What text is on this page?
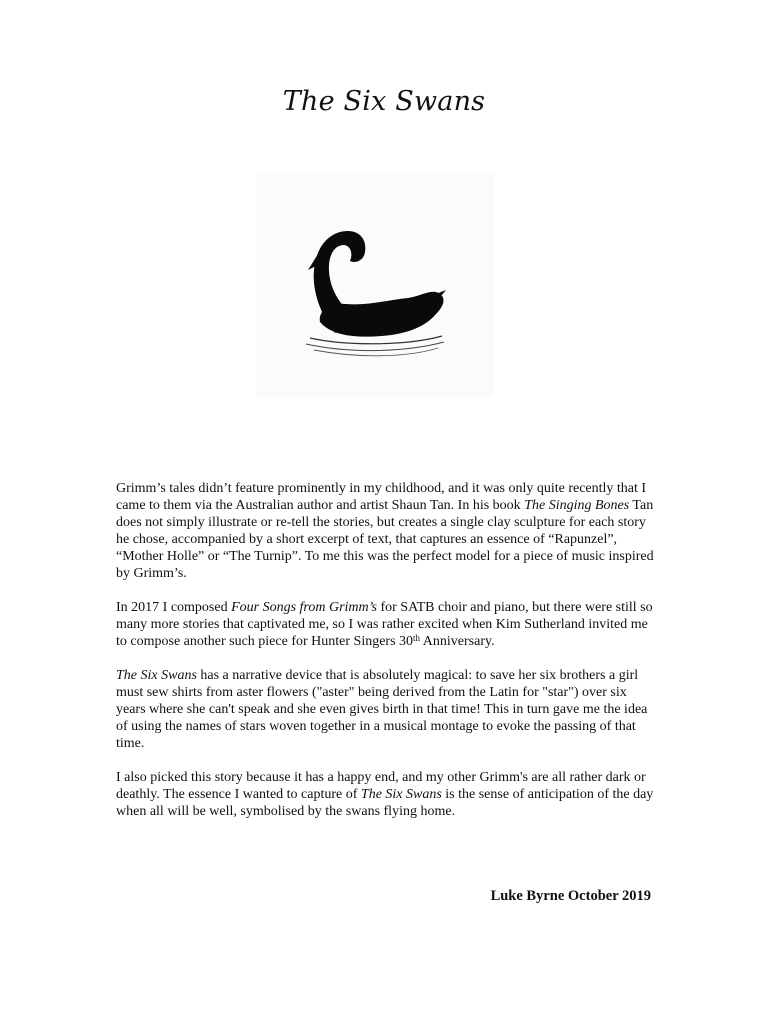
The Six Swans

Grimm’s tales didn’t feature prominently in my childhood, and it was only quite recently that I came to them via the Australian author and artist Shaun Tan. In his book The Singing Bones Tan does not simply illustrate or re-tell the stories, but creates a single clay sculpture for each story he chose, accompanied by a short excerpt of text, that captures an essence of “Rapunzel”, “Mother Holle” or “The Turnip”. To me this was the perfect model for a piece of music inspired by Grimm’s.

In 2017 I composed Four Songs from Grimm’s for SATB choir and piano, but there were still so many more stories that captivated me, so I was rather excited when Kim Sutherland invited me to compose another such piece for Hunter Singers 30th Anniversary.

The Six Swans has a narrative device that is absolutely magical: to save her six brothers a girl must sew shirts from aster flowers ("aster" being derived from the Latin for "star") over six years where she can't speak and she even gives birth in that time! This in turn gave me the idea of using the names of stars woven together in a musical montage to evoke the passing of that time.

I also picked this story because it has a happy end, and my other Grimm's are all rather dark or deathly. The essence I wanted to capture of The Six Swans is the sense of anticipation of the day when all will be well, symbolised by the swans flying home.

Luke Byrne October 2019
